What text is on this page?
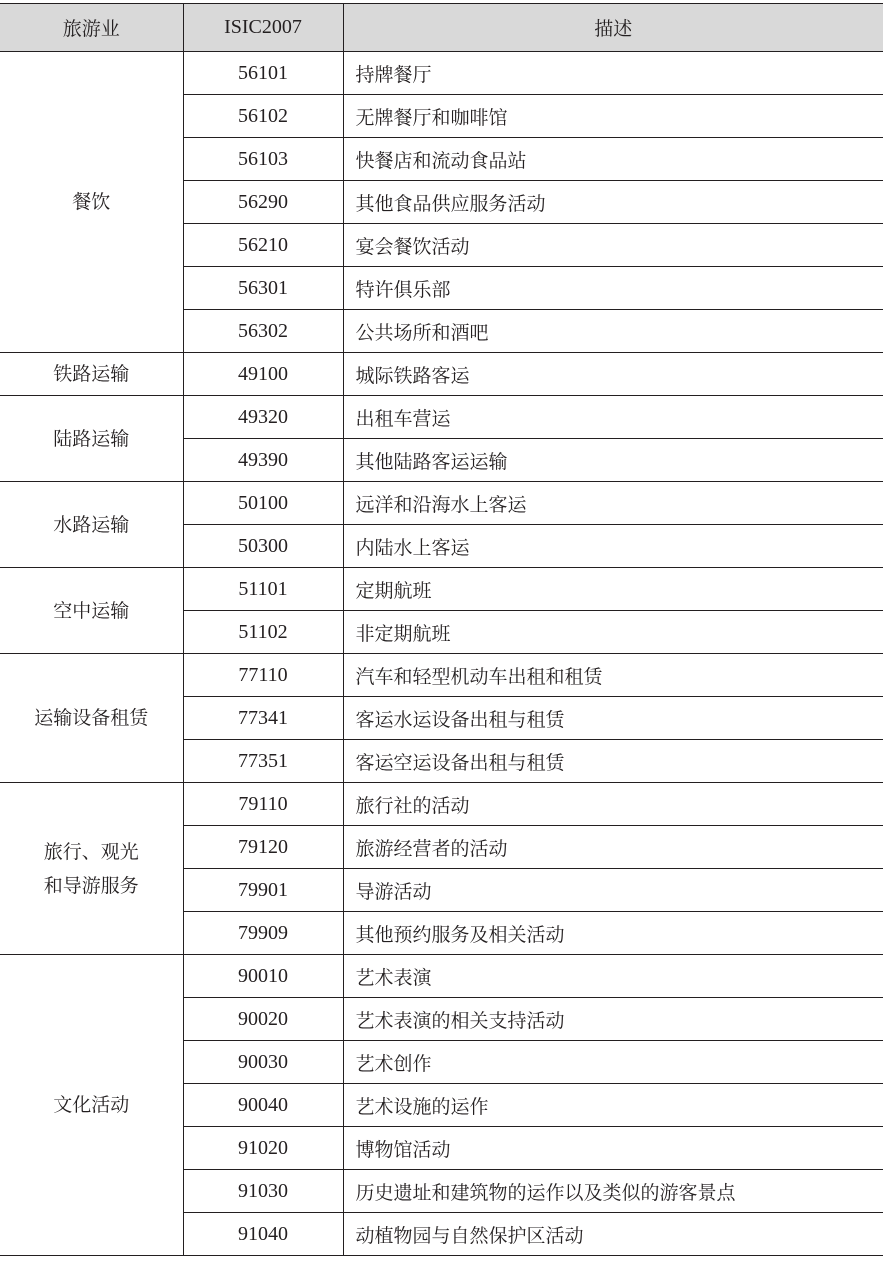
旅游业	ISIC2007	描述
餐饮	56101	持牌餐厅
	56102	无牌餐厅和咖啡馆
	56103	快餐店和流动食品站
	56290	其他食品供应服务活动
	56210	宴会餐饮活动
	56301	特许俱乐部
	56302	公共场所和酒吧
铁路运输	49100	城际铁路客运
陆路运输	49320	出租车营运
	49390	其他陆路客运运输
水路运输	50100	远洋和沿海水上客运
	50300	内陆水上客运
空中运输	51101	定期航班
	51102	非定期航班
运输设备租赁	77110	汽车和轻型机动车出租和租赁
	77341	客运水运设备出租与租赁
	77351	客运空运设备出租与租赁
旅行、观光
和导游服务	79110	旅行社的活动
	79120	旅游经营者的活动
	79901	导游活动
	79909	其他预约服务及相关活动
文化活动	90010	艺术表演
	90020	艺术表演的相关支持活动
	90030	艺术创作
	90040	艺术设施的运作
	91020	博物馆活动
	91030	历史遗址和建筑物的运作以及类似的游客景点
	91040	动植物园与自然保护区活动
